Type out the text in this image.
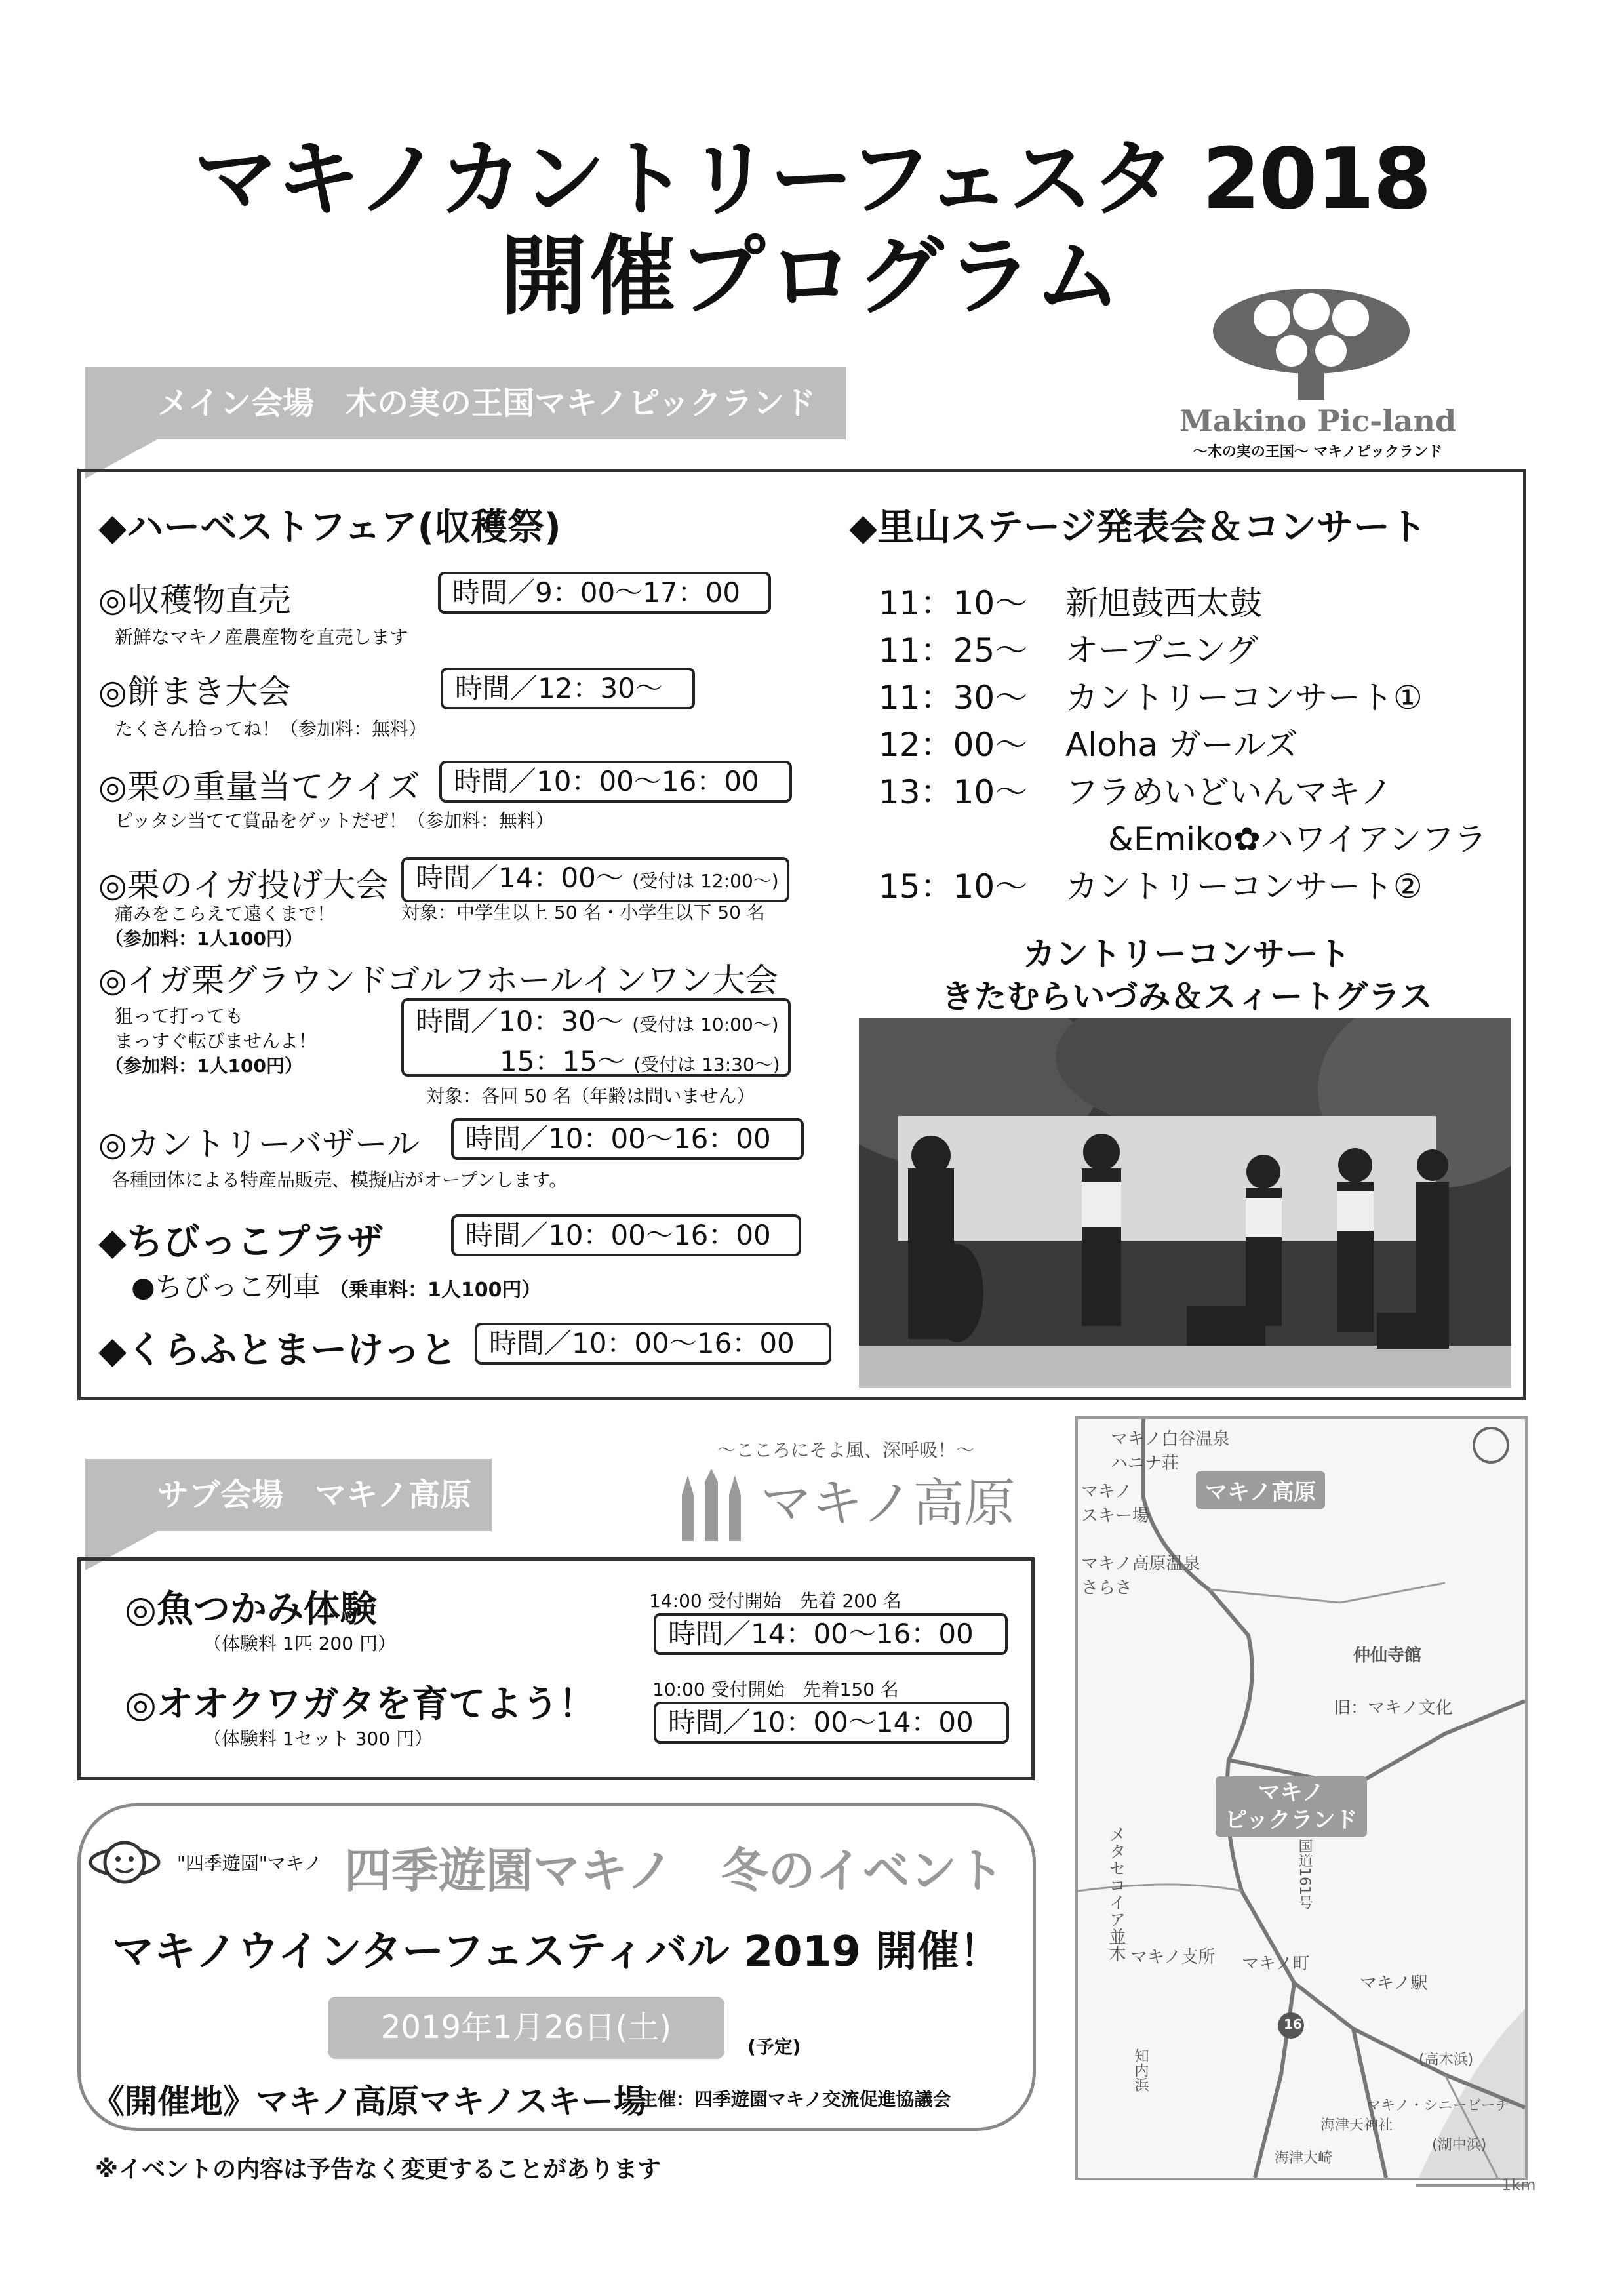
マキノカントリーフェスタ 2018
開催プログラム
メイン会場　木の実の王国マキノピックランド	Makino Pic-land
〜木の実の王国〜 マキノピックランド
◆ハーベストフェア(収穫祭)
◎収穫物直売	時間／9：00〜17：00
新鮮なマキノ産農産物を直売します
◎餅まき大会	時間／12：30〜
たくさん拾ってね！（参加料：無料）
◎栗の重量当てクイズ	時間／10：00〜16：00
ピッタシ当てて賞品をゲットだぜ！（参加料：無料）
◎栗のイガ投げ大会 時間／14：00〜 (受付は 12:00〜)
痛みをこらえて遠くまで！
（参加料：1人100円）
対象：中学生以上 50 名・小学生以下 50 名
◎イガ栗グラウンドゴルフホールインワン大会
狙って打っても
まっすぐ転びませんよ！
（参加料：1人100円）
時間／10：30〜 (受付は 10:00〜)
15：15〜 (受付は 13:30〜)
対象：各回 50 名（年齢は問いません）
◎カントリーバザール	時間／10：00〜16：00
各種団体による特産品販売、模擬店がオープンします。
◆ちびっこプラザ	時間／10：00〜16：00
●ちびっこ列車 （乗車料：1人100円）
◆くらふとまーけっと	時間／10：00〜16：00
◆里山ステージ発表会＆コンサート
11：10〜 新旭鼓西太鼓
11：25〜 オープニング
11：30〜 カントリーコンサート①
12：00〜 Aloha ガールズ
13：10〜 フラめいどいんマキノ
&Emiko✿ハワイアンフラ
15：10〜 カントリーコンサート②
カントリーコンサート
きたむらいづみ＆スィートグラス
サブ会場　マキノ高原
〜こころにそよ風、深呼吸！〜
マキノ高原
◎魚つかみ体験
（体験料 1匹 200 円）
14:00 受付開始　先着 200 名
時間／14：00〜16：00
◎オオクワガタを育てよう！
（体験料 1セット 300 円）
10:00 受付開始　先着150 名
時間／10：00〜14：00
"四季遊園"マキノ 四季遊園マキノ　冬のイベント
マキノウインターフェスティバル 2019 開催！
2019年1月26日(土)
(予定)
《開催地》マキノ高原マキノスキー場
主催：四季遊園マキノ交流促進協議会
※イベントの内容は予告なく変更することがあります
マキノ高原
マキノ
ピックランド
マキノ白谷温泉
ハニナ荘
マキノ
スキー場
マキノ高原温泉
さらさ
仲仙寺館
旧：マキノ文化
メタセコイア並木
マキノ駅
マキノ支所 マキノ町
マキノ・シニービーチ
海津天神社
(高木浜)
(湖中浜)
海津大崎
国道161号
知内浜
161
1km
